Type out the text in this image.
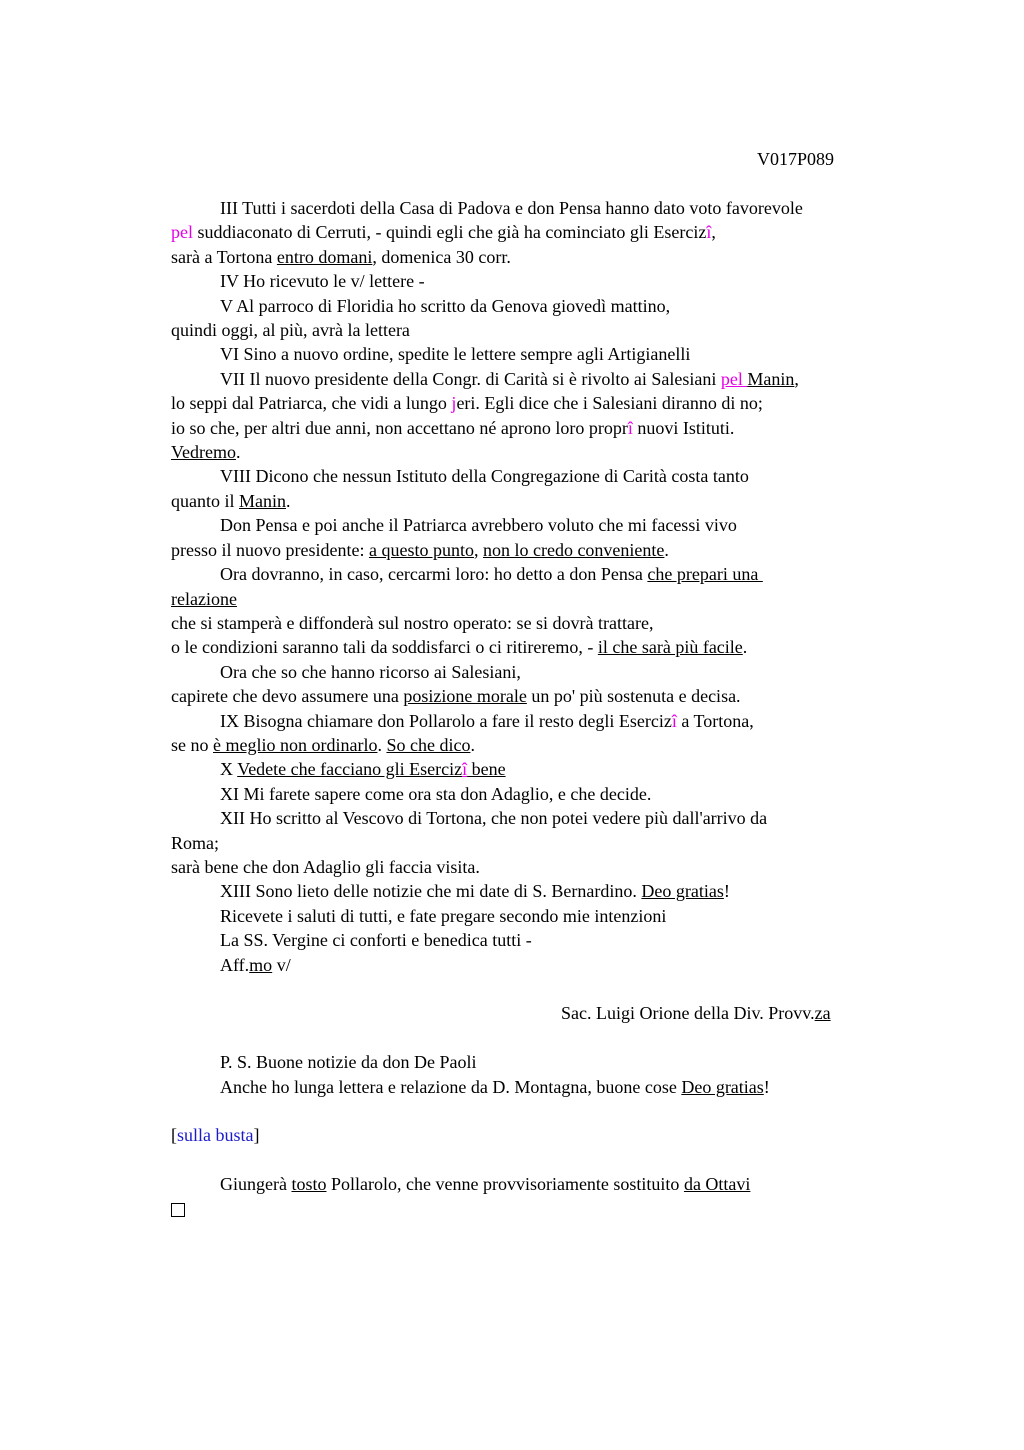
V017P089
III Tutti i sacerdoti della Casa di Padova e don Pensa hanno dato voto favorevole
pel suddiaconato di Cerruti, - quindi egli che già ha cominciato gli Esercizî,
sarà a Tortona entro domani, domenica 30 corr.
IV Ho ricevuto le v/ lettere -
V Al parroco di Floridia ho scritto da Genova giovedì mattino,
quindi oggi, al più, avrà la lettera
VI Sino a nuovo ordine, spedite le lettere sempre agli Artigianelli
VII Il nuovo presidente della Congr. di Carità si è rivolto ai Salesiani pel Manin,
lo seppi dal Patriarca, che vidi a lungo jeri. Egli dice che i Salesiani diranno di no;
io so che, per altri due anni, non accettano né aprono loro proprî nuovi Istituti.
Vedremo.
VIII Dicono che nessun Istituto della Congregazione di Carità costa tanto
quanto il Manin.
Don Pensa e poi anche il Patriarca avrebbero voluto che mi facessi vivo
presso il nuovo presidente: a questo punto, non lo credo conveniente.
Ora dovranno, in caso, cercarmi loro: ho detto a don Pensa che prepari una
relazione
che si stamperà e diffonderà sul nostro operato: se si dovrà trattare,
o le condizioni saranno tali da soddisfarci o ci ritireremo, - il che sarà più facile.
Ora che so che hanno ricorso ai Salesiani,
capirete che devo assumere una posizione morale un po' più sostenuta e decisa.
IX Bisogna chiamare don Pollarolo a fare il resto degli Esercizî a Tortona,
se no è meglio non ordinarlo. So che dico.
X Vedete che facciano gli Esercizî bene
XI Mi farete sapere come ora sta don Adaglio, e che decide.
XII Ho scritto al Vescovo di Tortona, che non potei vedere più dall'arrivo da
Roma;
sarà bene che don Adaglio gli faccia visita.
XIII Sono lieto delle notizie che mi date di S. Bernardino. Deo gratias!
Ricevete i saluti di tutti, e fate pregare secondo mie intenzioni
La SS. Vergine ci conforti e benedica tutti -
Aff.mo v/
Sac. Luigi Orione della Div. Provv.za
P. S. Buone notizie da don De Paoli
Anche ho lunga lettera e relazione da D. Montagna, buone cose Deo gratias!
[sulla busta]
Giungerà tosto Pollarolo, che venne provvisoriamente sostituito da Ottavi
